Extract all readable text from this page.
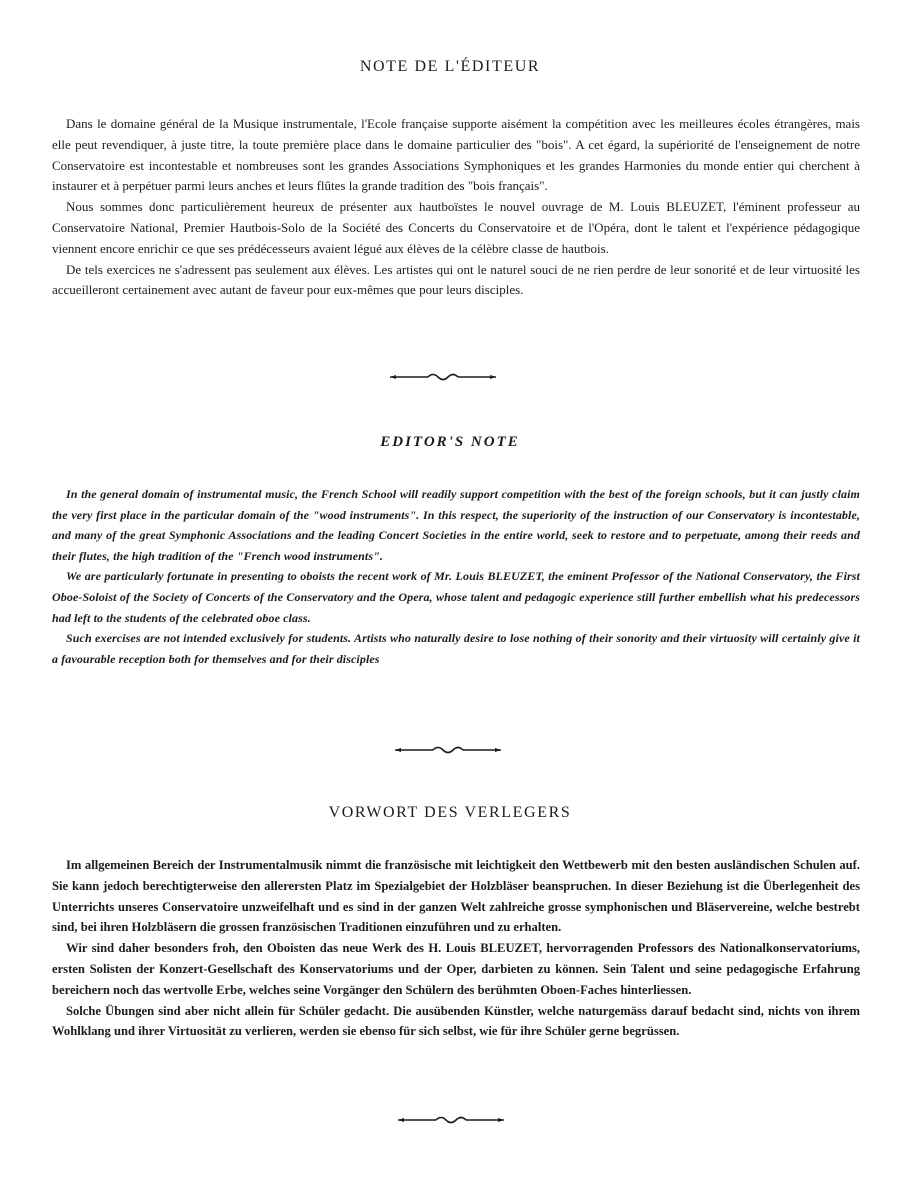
NOTE DE L'ÉDITEUR

Dans le domaine général de la Musique instrumentale, l'Ecole française supporte aisément la compétition avec les meilleures écoles étrangères, mais elle peut revendiquer, à juste titre, la toute première place dans le domaine particulier des "bois". A cet égard, la supériorité de l'enseignement de notre Conservatoire est incontestable et nombreuses sont les grandes Associations Symphoniques et les grandes Harmonies du monde entier qui cherchent à instaurer et à perpétuer parmi leurs anches et leurs flûtes la grande tradition des "bois français".

Nous sommes donc particulièrement heureux de présenter aux hautboïstes le nouvel ouvrage de M. Louis BLEUZET, l'éminent professeur au Conservatoire National, Premier Hautbois-Solo de la Société des Concerts du Conservatoire et de l'Opéra, dont le talent et l'expérience pédagogique viennent encore enrichir ce que ses prédécesseurs avaient légué aux élèves de la célèbre classe de hautbois.

De tels exercices ne s'adressent pas seulement aux élèves. Les artistes qui ont le naturel souci de ne rien perdre de leur sonorité et de leur virtuosité les accueilleront certainement avec autant de faveur pour eux-mêmes que pour leurs disciples.

EDITOR'S NOTE

In the general domain of instrumental music, the French School will readily support competition with the best of the foreign schools, but it can justly claim the very first place in the particular domain of the "wood instruments". In this respect, the superiority of the instruction of our Conservatory is incontestable, and many of the great Symphonic Associations and the leading Concert Societies in the entire world, seek to restore and to perpetuate, among their reeds and their flutes, the high tradition of the "French wood instruments".

We are particularly fortunate in presenting to oboists the recent work of Mr. Louis BLEUZET, the eminent Professor of the National Conservatory, the First Oboe-Soloist of the Society of Concerts of the Conservatory and the Opera, whose talent and pedagogic experience still further embellish what his predecessors had left to the students of the celebrated oboe class.

Such exercises are not intended exclusively for students. Artists who naturally desire to lose nothing of their sonority and their virtuosity will certainly give it a favourable reception both for themselves and for their disciples

VORWORT DES VERLEGERS

Im allgemeinen Bereich der Instrumentalmusik nimmt die französische mit leichtigkeit den Wettbewerb mit den besten ausländischen Schulen auf. Sie kann jedoch berechtigterweise den allerersten Platz im Spezialgebiet der Holzbläser beanspruchen. In dieser Beziehung ist die Überlegenheit des Unterrichts unseres Conservatoire unzweifelhaft und es sind in der ganzen Welt zahlreiche grosse symphonischen und Bläservereine, welche bestrebt sind, bei ihren Holzbläsern die grossen französischen Traditionen einzuführen und zu erhalten.

Wir sind daher besonders froh, den Oboisten das neue Werk des H. Louis BLEUZET, hervorragenden Professors des Nationalkonservatoriums, ersten Solisten der Konzert-Gesellschaft des Konservatoriums und der Oper, darbieten zu können. Sein Talent und seine pedagogische Erfahrung bereichern noch das wertvolle Erbe, welches seine Vorgänger den Schülern des berühmten Oboen-Faches hinterliessen.

Solche Übungen sind aber nicht allein für Schüler gedacht. Die ausübenden Künstler, welche naturgemäss darauf bedacht sind, nichts von ihrem Wohlklang und ihrer Virtuosität zu verlieren, werden sie ebenso für sich selbst, wie für ihre Schüler gerne begrüssen.
